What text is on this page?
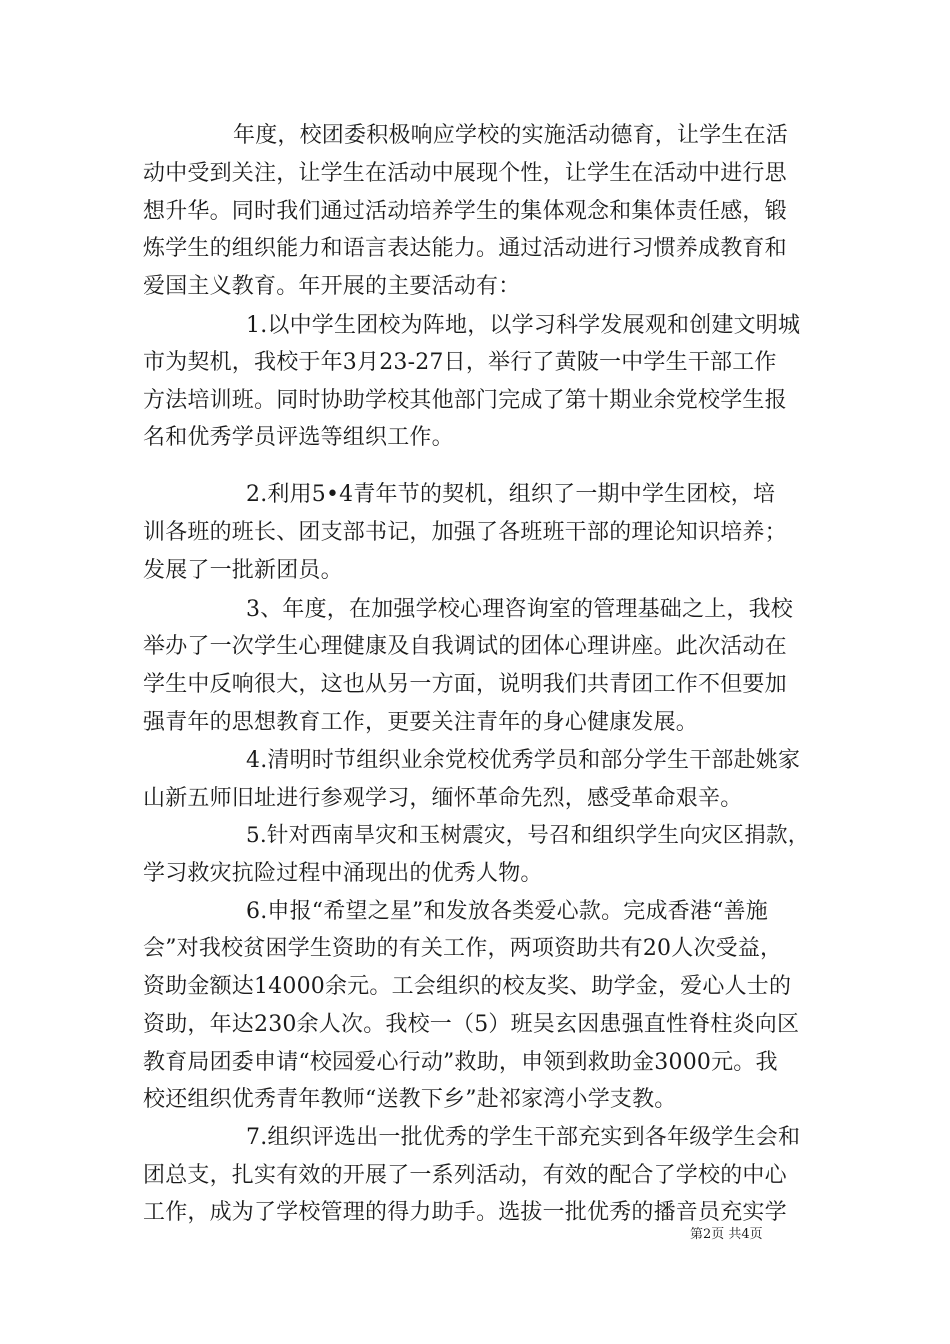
年度，校团委积极响应学校的实施活动德育，让学生在活
动中受到关注，让学生在活动中展现个性，让学生在活动中进行思
想升华。同时我们通过活动培养学生的集体观念和集体责任感，锻
炼学生的组织能力和语言表达能力。通过活动进行习惯养成教育和
爱国主义教育。年开展的主要活动有：
1.以中学生团校为阵地，以学习科学发展观和创建文明城
市为契机，我校于年3月23-27日，举行了黄陂一中学生干部工作
方法培训班。同时协助学校其他部门完成了第十期业余党校学生报
名和优秀学员评选等组织工作。
2.利用5•4青年节的契机，组织了一期中学生团校，培
训各班的班长、团支部书记，加强了各班班干部的理论知识培养；
发展了一批新团员。
3、年度，在加强学校心理咨询室的管理基础之上，我校
举办了一次学生心理健康及自我调试的团体心理讲座。此次活动在
学生中反响很大，这也从另一方面，说明我们共青团工作不但要加
强青年的思想教育工作，更要关注青年的身心健康发展。
4.清明时节组织业余党校优秀学员和部分学生干部赴姚家
山新五师旧址进行参观学习，缅怀革命先烈，感受革命艰辛。
5.针对西南旱灾和玉树震灾，号召和组织学生向灾区捐款，
学习救灾抗险过程中涌现出的优秀人物。
6.申报“希望之星”和发放各类爱心款。完成香港“善施
会”对我校贫困学生资助的有关工作，两项资助共有20人次受益，
资助金额达14000余元。工会组织的校友奖、助学金，爱心人士的
资助，年达230余人次。我校一（5）班吴玄因患强直性脊柱炎向区
教育局团委申请“校园爱心行动”救助，申领到救助金3000元。我
校还组织优秀青年教师“送教下乡”赴祁家湾小学支教。
7.组织评选出一批优秀的学生干部充实到各年级学生会和
团总支，扎实有效的开展了一系列活动，有效的配合了学校的中心
工作，成为了学校管理的得力助手。选拔一批优秀的播音员充实学
第2页 共4页
